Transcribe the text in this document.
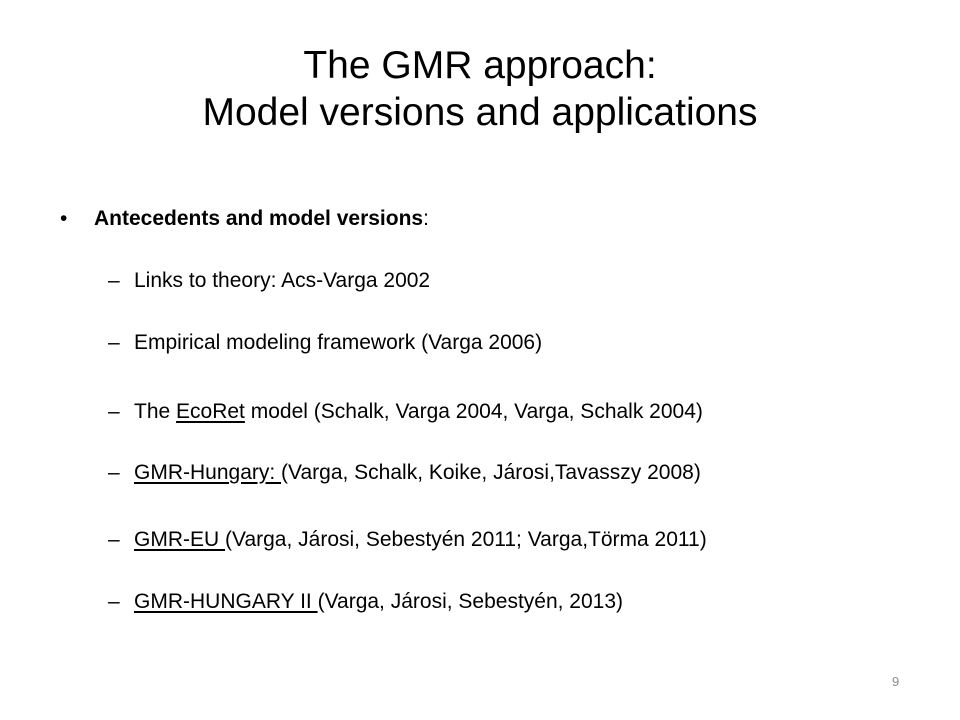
The GMR approach:
Model versions and applications
• Antecedents and model versions:
– Links to theory: Acs-Varga 2002
– Empirical modeling framework (Varga 2006)
– The EcoRet model (Schalk, Varga 2004, Varga, Schalk 2004)
– GMR-Hungary: (Varga, Schalk, Koike, Járosi,Tavasszy 2008)
– GMR-EU (Varga, Járosi, Sebestyén 2011; Varga,Törma 2011)
– GMR-HUNGARY II (Varga, Járosi, Sebestyén, 2013)
9
